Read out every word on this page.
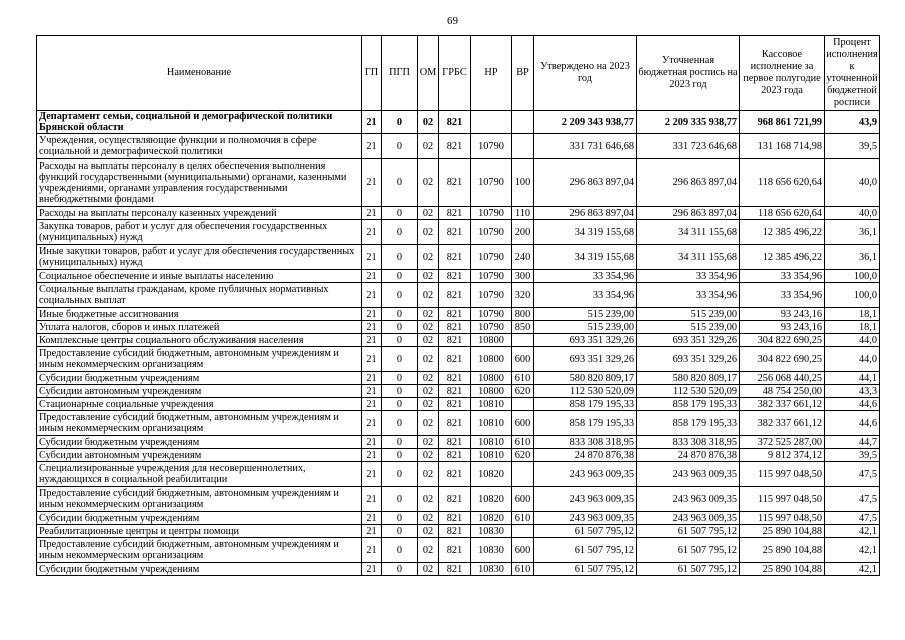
69
Наименование	ГП	ПГП	ОМ	ГРБС	НР	ВР	Утверждено на 2023 год	Уточненная бюджетная роспись на 2023 год	Кассовое исполнение за первое полугодие 2023 года	Процент исполнения к уточненной бюджетной росписи
Департамент семьи, социальной и демографической политики Брянской области	21	0	02	821			2 209 343 938,77	2 209 335 938,77	968 861 721,99	43,9
Учреждения, осуществляющие функции и полномочия в сфере социальной и демографической политики	21	0	02	821	10790		331 731 646,68	331 723 646,68	131 168 714,98	39,5
Расходы на выплаты персоналу в целях обеспечения выполнения функций государственными (муниципальными) органами, казенными учреждениями, органами управления государственными внебюджетными фондами	21	0	02	821	10790	100	296 863 897,04	296 863 897,04	118 656 620,64	40,0
Расходы на выплаты персоналу казенных учреждений	21	0	02	821	10790	110	296 863 897,04	296 863 897,04	118 656 620,64	40,0
Закупка товаров, работ и услуг для обеспечения государственных (муниципальных) нужд	21	0	02	821	10790	200	34 319 155,68	34 311 155,68	12 385 496,22	36,1
Иные закупки товаров, работ и услуг для обеспечения государственных (муниципальных) нужд	21	0	02	821	10790	240	34 319 155,68	34 311 155,68	12 385 496,22	36,1
Социальное обеспечение и иные выплаты населению	21	0	02	821	10790	300	33 354,96	33 354,96	33 354,96	100,0
Социальные выплаты гражданам, кроме публичных нормативных социальных выплат	21	0	02	821	10790	320	33 354,96	33 354,96	33 354,96	100,0
Иные бюджетные ассигнования	21	0	02	821	10790	800	515 239,00	515 239,00	93 243,16	18,1
Уплата налогов, сборов и иных платежей	21	0	02	821	10790	850	515 239,00	515 239,00	93 243,16	18,1
Комплексные центры социального обслуживания населения	21	0	02	821	10800		693 351 329,26	693 351 329,26	304 822 690,25	44,0
Предоставление субсидий бюджетным, автономным учреждениям и иным некоммерческим организациям	21	0	02	821	10800	600	693 351 329,26	693 351 329,26	304 822 690,25	44,0
Субсидии бюджетным учреждениям	21	0	02	821	10800	610	580 820 809,17	580 820 809,17	256 068 440,25	44,1
Субсидии автономным учреждениям	21	0	02	821	10800	620	112 530 520,09	112 530 520,09	48 754 250,00	43,3
Стационарные социальные учреждения	21	0	02	821	10810		858 179 195,33	858 179 195,33	382 337 661,12	44,6
Предоставление субсидий бюджетным, автономным учреждениям и иным некоммерческим организациям	21	0	02	821	10810	600	858 179 195,33	858 179 195,33	382 337 661,12	44,6
Субсидии бюджетным учреждениям	21	0	02	821	10810	610	833 308 318,95	833 308 318,95	372 525 287,00	44,7
Субсидии автономным учреждениям	21	0	02	821	10810	620	24 870 876,38	24 870 876,38	9 812 374,12	39,5
Специализированные учреждения для несовершеннолетних, нуждающихся в социальной реабилитации	21	0	02	821	10820		243 963 009,35	243 963 009,35	115 997 048,50	47,5
Предоставление субсидий бюджетным, автономным учреждениям и иным некоммерческим организациям	21	0	02	821	10820	600	243 963 009,35	243 963 009,35	115 997 048,50	47,5
Субсидии бюджетным учреждениям	21	0	02	821	10820	610	243 963 009,35	243 963 009,35	115 997 048,50	47,5
Реабилитационные центры и центры помощи	21	0	02	821	10830		61 507 795,12	61 507 795,12	25 890 104,88	42,1
Предоставление субсидий бюджетным, автономным учреждениям и иным некоммерческим организациям	21	0	02	821	10830	600	61 507 795,12	61 507 795,12	25 890 104,88	42,1
Субсидии бюджетным учреждениям	21	0	02	821	10830	610	61 507 795,12	61 507 795,12	25 890 104,88	42,1
